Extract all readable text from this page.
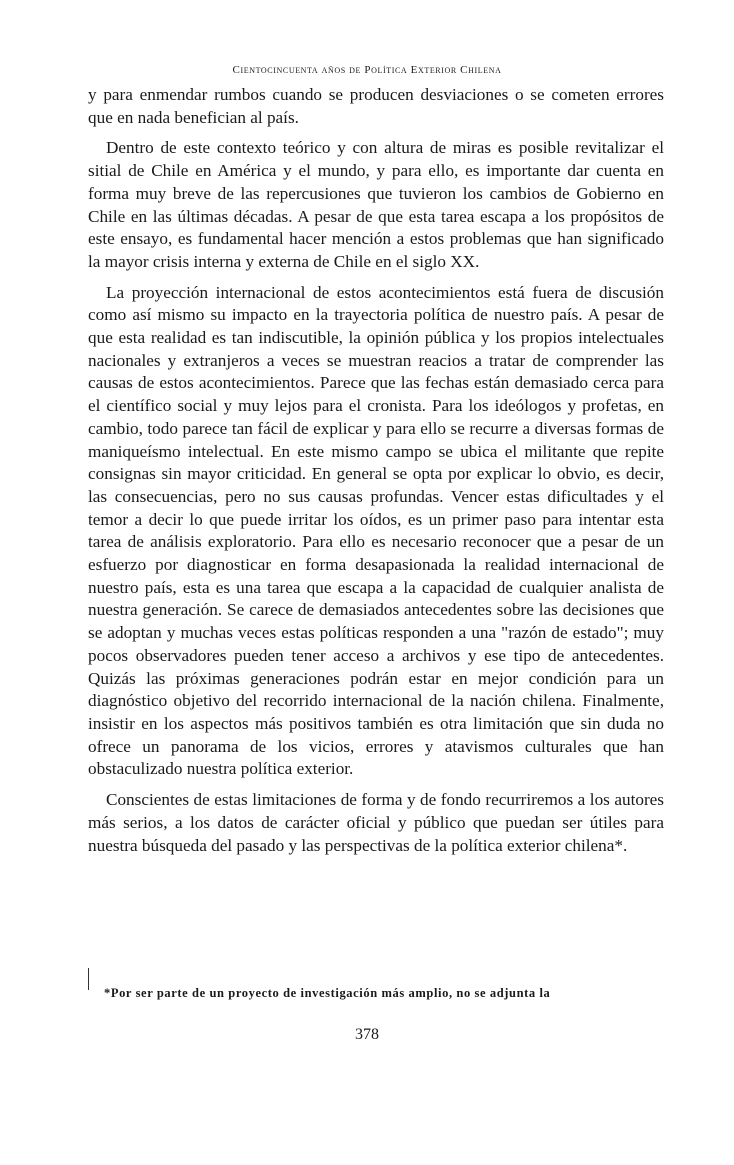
Cientocincuenta años de Política Exterior Chilena

y para enmendar rumbos cuando se producen desviaciones o se cometen errores que en nada benefician al país.

Dentro de este contexto teórico y con altura de miras es posible revitalizar el sitial de Chile en América y el mundo, y para ello, es importante dar cuenta en forma muy breve de las repercusiones que tuvieron los cambios de Gobierno en Chile en las últimas décadas. A pesar de que esta tarea escapa a los propósitos de este ensayo, es fundamental hacer mención a estos problemas que han significado la mayor crisis interna y externa de Chile en el siglo XX.

La proyección internacional de estos acontecimientos está fuera de discusión como así mismo su impacto en la trayectoria política de nuestro país. A pesar de que esta realidad es tan indiscutible, la opinión pública y los propios intelectuales nacionales y extranjeros a veces se muestran reacios a tratar de comprender las causas de estos acontecimientos. Parece que las fechas están demasiado cerca para el científico social y muy lejos para el cronista. Para los ideólogos y profetas, en cambio, todo parece tan fácil de explicar y para ello se recurre a diversas formas de maniqueísmo intelectual. En este mismo campo se ubica el militante que repite consignas sin mayor criticidad. En general se opta por explicar lo obvio, es decir, las consecuencias, pero no sus causas profundas. Vencer estas dificultades y el temor a decir lo que puede irritar los oídos, es un primer paso para intentar esta tarea de análisis exploratorio. Para ello es necesario reconocer que a pesar de un esfuerzo por diagnosticar en forma desapasionada la realidad internacional de nuestro país, esta es una tarea que escapa a la capacidad de cualquier analista de nuestra generación. Se carece de demasiados antecedentes sobre las decisiones que se adoptan y muchas veces estas políticas responden a una "razón de estado"; muy pocos observadores pueden tener acceso a archivos y ese tipo de antecedentes. Quizás las próximas generaciones podrán estar en mejor condición para un diagnóstico objetivo del recorrido internacional de la nación chilena. Finalmente, insistir en los aspectos más positivos también es otra limitación que sin duda no ofrece un panorama de los vicios, errores y atavismos culturales que han obstaculizado nuestra política exterior.

Conscientes de estas limitaciones de forma y de fondo recurriremos a los autores más serios, a los datos de carácter oficial y público que puedan ser útiles para nuestra búsqueda del pasado y las perspectivas de la política exterior chilena*.

*Por ser parte de un proyecto de investigación más amplio, no se adjunta la
378
